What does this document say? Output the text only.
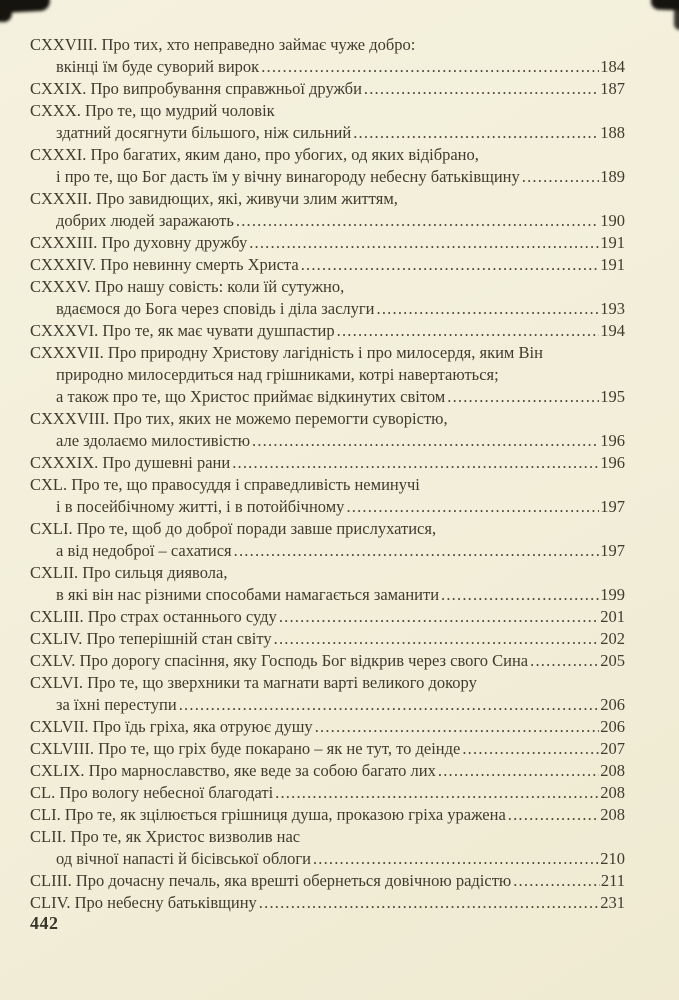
CXXVIII. Про тих, хто неправедно займає чуже добро:
вкінці їм буде суворий вирок .....	184
CXXIX. Про випробування справжньої дружби .....	187
CXXX. Про те, що мудрий чоловік
здатний досягнути більшого, ніж сильний .....	188
CXXXI. Про багатих, яким дано, про убогих, од яких відібрано,
і про те, що Бог дасть їм у вічну винагороду небесну батьківщину .....	189
CXXXII. Про завидющих, які, живучи злим життям,
добрих людей заражають .....	190
CXXXIII. Про духовну дружбу .....	191
CXXXIV. Про невинну смерть Христа .....	191
CXXXV. Про нашу совість: коли їй сутужно,
вдаємося до Бога через сповідь і діла заслуги .....	193
CXXXVI. Про те, як має чувати душпастир .....	194
CXXXVII. Про природну Христову лагідність і про милосердя, яким Він
природно милосердиться над грішниками, котрі навертаються;
а також про те, що Христос приймає відкинутих світом .....	195
CXXXVIII. Про тих, яких не можемо перемогти суворістю,
але здолаємо милостивістю .....	196
CXXXIX. Про душевні рани .....	196
CXL. Про те, що правосуддя і справедливість неминучі
і в посейбічному житті, і в потойбічному .....	197
CXLI. Про те, щоб до доброї поради завше прислухатися,
а від недоброї – сахатися .....	197
CXLII. Про сильця диявола,
в які він нас різними способами намагається заманити .....	199
CXLIII. Про страх останнього суду .....	201
CXLIV. Про теперішній стан світу .....	202
CXLV. Про дорогу спасіння, яку Господь Бог відкрив через свого Сина .....	205
CXLVI. Про те, що зверхники та магнати варті великого докору
за їхні переступи .....	206
CXLVII. Про їдь гріха, яка отруює душу .....	206
CXLVIII. Про те, що гріх буде покарано – як не тут, то деінде .....	207
CXLIX. Про марнославство, яке веде за собою багато лих .....	208
CL. Про вологу небесної благодаті .....	208
CLI. Про те, як зцілюється грішниця душа, проказою гріха уражена .....	208
CLII. Про те, як Христос визволив нас
од вічної напасті й бісівської облоги .....	210
CLIII. Про дочасну печаль, яка врешті обернеться довічною радістю .....	211
CLIV. Про небесну батьківщину .....	231
442
